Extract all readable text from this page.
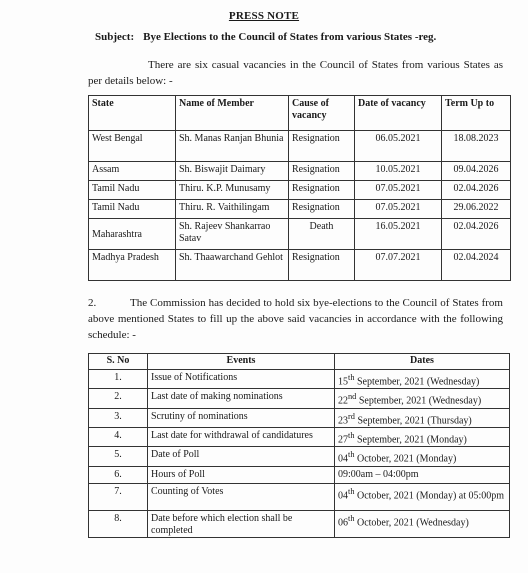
PRESS NOTE
Subject: Bye Elections to the Council of States from various States -reg.
There are six casual vacancies in the Council of States from various States as per details below: -
State	Name of Member	Cause of vacancy	Date of vacancy	Term Up to
West Bengal	Sh. Manas Ranjan Bhunia	Resignation	06.05.2021	18.08.2023
Assam	Sh. Biswajit Daimary	Resignation	10.05.2021	09.04.2026
Tamil Nadu	Thiru. K.P. Munusamy	Resignation	07.05.2021	02.04.2026
Tamil Nadu	Thiru. R. Vaithilingam	Resignation	07.05.2021	29.06.2022
Maharashtra	Sh. Rajeev Shankarrao Satav	Death	16.05.2021	02.04.2026
Madhya Pradesh	Sh. Thaawarchand Gehlot	Resignation	07.07.2021	02.04.2024
2.	The Commission has decided to hold six bye-elections to the Council of States from above mentioned States to fill up the above said vacancies in accordance with the following schedule: -
S. No	Events	Dates
1.	Issue of Notifications	15th September, 2021 (Wednesday)
2.	Last date of making nominations	22nd September, 2021 (Wednesday)
3.	Scrutiny of nominations	23rd September, 2021 (Thursday)
4.	Last date for withdrawal of candidatures	27th September, 2021 (Monday)
5.	Date of Poll	04th October, 2021 (Monday)
6.	Hours of Poll	09:00am – 04:00pm
7.	Counting of Votes	04th October, 2021 (Monday) at 05:00pm
8.	Date before which election shall be completed	06th October, 2021 (Wednesday)
